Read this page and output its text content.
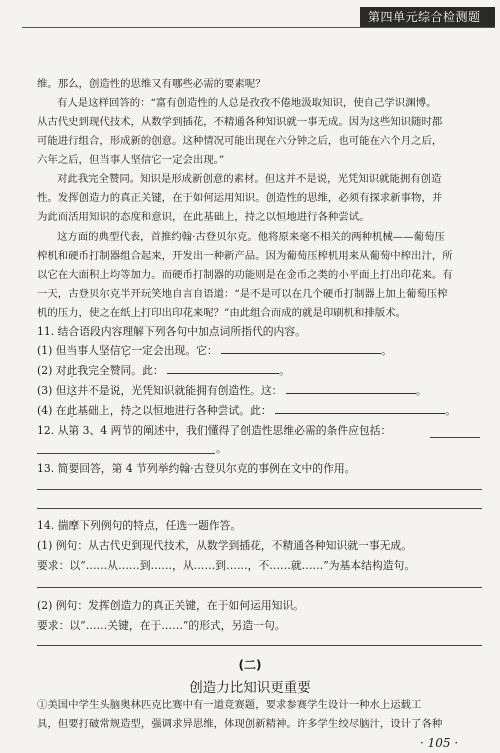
第四单元综合检测题
维。那么，创造性的思维又有哪些必需的要素呢？
有人是这样回答的：“富有创造性的人总是孜孜不倦地汲取知识，使自己学识渊博。
从古代史到现代技术，从数学到插花，不精通各种知识就一事无成。因为这些知识随时都
可能进行组合，形成新的创意。这种情况可能出现在六分钟之后，也可能在六个月之后，
六年之后，但当事人坚信它一定会出现。”
对此我完全赞同。知识是形成新创意的素材。但这并不是说，光凭知识就能拥有创造
性。发挥创造力的真正关键，在于如何运用知识。创造性的思维，必须有探求新事物，并
为此而活用知识的态度和意识，在此基础上，持之以恒地进行各种尝试。
这方面的典型代表，首推约翰·古登贝尔克。他将原来毫不相关的两种机械——葡萄压
榨机和硬币打制器组合起来，开发出一种新产品。因为葡萄压榨机用来从葡萄中榨出汁，所
以它在大面积上均等加力。而硬币打制器的功能则是在金币之类的小平面上打出印花来。有
一天，古登贝尔克半开玩笑地自言自语道：“是不是可以在几个硬币打制器上加上葡萄压榨
机的压力，使之在纸上打印出印花来呢？”由此组合而成的就是印刷机和排版术。
11. 结合语段内容理解下列各句中加点词所指代的内容。
(1) 但当事人坚信它一定会出现。它：	。
(2) 对此我完全赞同。此：	。
(3) 但这并不是说，光凭知识就能拥有创造性。这：	。
(4) 在此基础上，持之以恒地进行各种尝试。此：	。
12. 从第 3、4 两节的阐述中，我们懂得了创造性思维必需的条件应包括：
。
13. 简要回答，第 4 节列举约翰·古登贝尔克的事例在文中的作用。
14. 揣摩下列例句的特点，任选一题作答。
(1) 例句：从古代史到现代技术，从数学到插花，不精通各种知识就一事无成。
要求：以“……从……到……，从……到……，不……就……”为基本结构造句。
(2) 例句：发挥创造力的真正关键，在于如何运用知识。
要求：以“……关键，在于……”的形式，另造一句。
(二)
创造力比知识更重要
①美国中学生头脑奥林匹克比赛中有一道竞赛题，要求参赛学生设计一种水上运载工
具，但要打破常规造型，强调求异思维，体现创新精神。许多学生绞尽脑汁，设计了各种
· 105 ·
